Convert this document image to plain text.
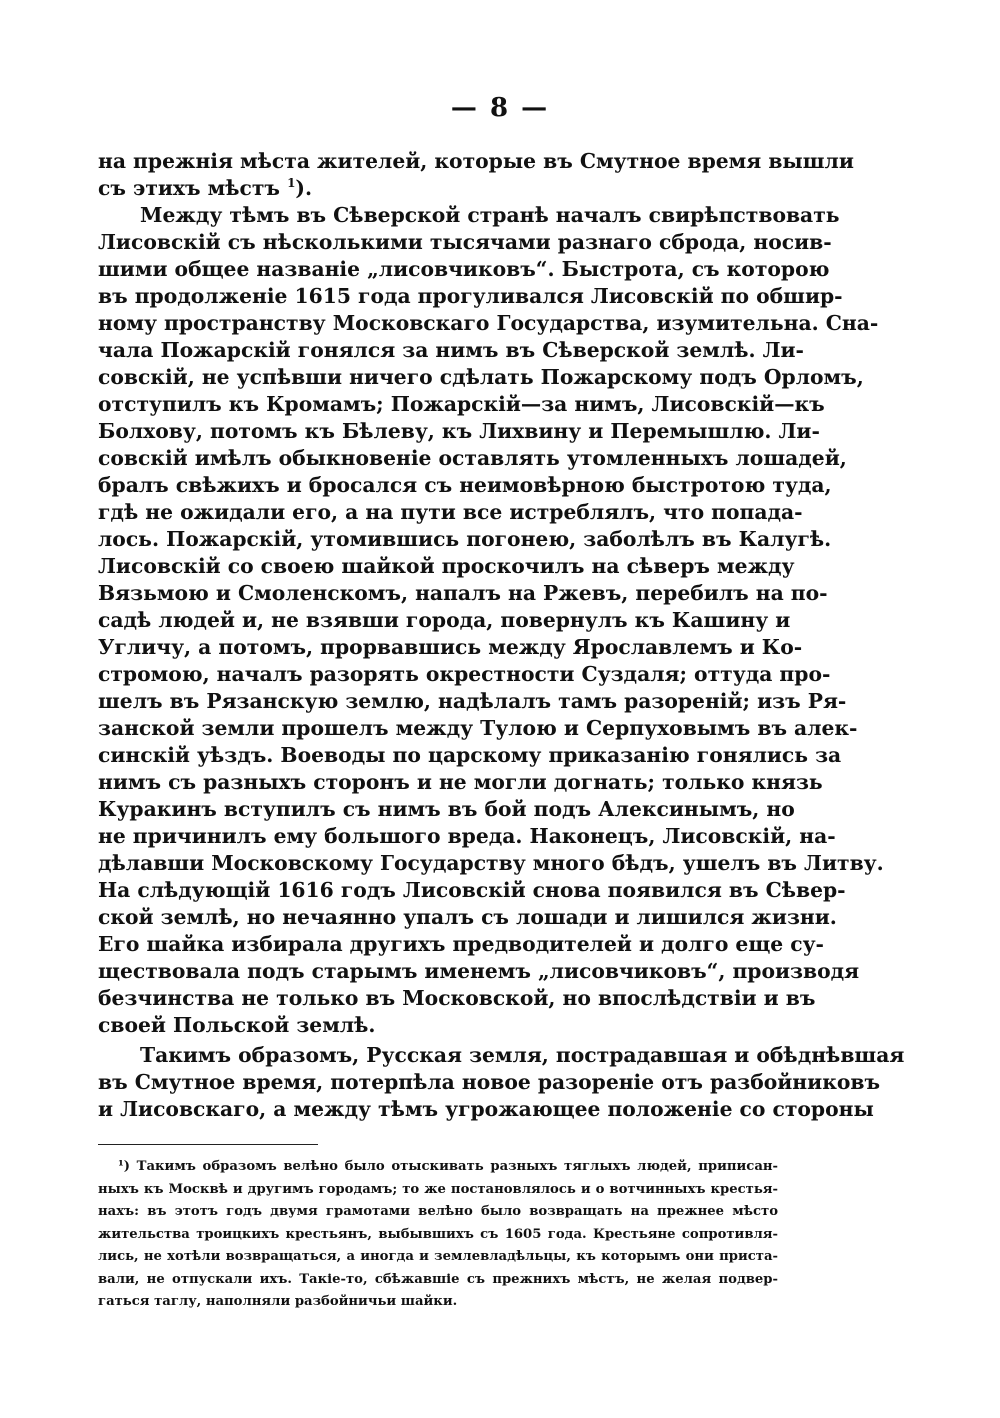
— 8 —
на прежнія мѣста жителей, которые въ Смутное время вышли
съ этихъ мѣстъ $^1$).
Между тѣмъ въ Сѣверской странѣ началъ свирѣпствовать
Лисовскій съ нѣсколькими тысячами разнаго сброда, носив-
шими общее названіе „лисовчиковъ“. Быстрота, съ которою
въ продолженіе 1615 года прогуливался Лисовскій по обшир-
ному пространству Московскаго Государства, изумительна. Сна-
чала Пожарскій гонялся за нимъ въ Сѣверской землѣ. Ли-
совскій, не успѣвши ничего сдѣлать Пожарскому подъ Орломъ,
отступилъ къ Кромамъ; Пожарскій—за нимъ, Лисовскій—къ
Болхову, потомъ къ Бѣлеву, къ Лихвину и Перемышлю. Ли-
совскій имѣлъ обыкновеніе оставлять утомленныхъ лошадей,
бралъ свѣжихъ и бросался съ неимовѣрною быстротою туда,
гдѣ не ожидали его, а на пути все истреблялъ, что попада-
лось. Пожарскій, утомившись погонею, заболѣлъ въ Калугѣ.
Лисовскій со своею шайкой проскочилъ на сѣверъ между
Вязьмою и Смоленскомъ, напалъ на Ржевъ, перебилъ на по-
садѣ людей и, не взявши города, повернулъ къ Кашину и
Угличу, а потомъ, прорвавшись между Ярославлемъ и Ко-
стромою, началъ разорять окрестности Суздаля; оттуда про-
шелъ въ Рязанскую землю, надѣлалъ тамъ разореній; изъ Ря-
занской земли прошелъ между Тулою и Серпуховымъ въ алек-
синскій уѣздъ. Воеводы по царскому приказанію гонялись за
нимъ съ разныхъ сторонъ и не могли догнать; только князь
Куракинъ вступилъ съ нимъ въ бой подъ Алексинымъ, но
не причинилъ ему большого вреда. Наконецъ, Лисовскій, на-
дѣлавши Московскому Государству много бѣдъ, ушелъ въ Литву.
На слѣдующій 1616 годъ Лисовскій снова появился въ Сѣвер-
ской землѣ, но нечаянно упалъ съ лошади и лишился жизни.
Его шайка избирала другихъ предводителей и долго еще су-
ществовала подъ старымъ именемъ „лисовчиковъ“, производя
безчинства не только въ Московской, но впослѣдствіи и въ
своей Польской землѣ.
Такимъ образомъ, Русская земля, пострадавшая и обѣднѣвшая
въ Смутное время, потерпѣла новое разореніе отъ разбойниковъ
и Лисовскаго, а между тѣмъ угрожающее положеніе со стороны
¹) Такимъ образомъ велѣно было отыскивать разныхъ тяглыхъ людей, приписан-
ныхъ къ Москвѣ и другимъ городамъ; то же постановлялось и о вотчинныхъ крестья-
нахъ: въ этотъ годъ двумя грамотами велѣно было возвращать на прежнее мѣсто
жительства троицкихъ крестьянъ, выбывшихъ съ 1605 года. Крестьяне сопротивля-
лись, не хотѣли возвращаться, а иногда и землевладѣльцы, къ которымъ они приста-
вали, не отпускали ихъ. Такіе-то, сбѣжавшіе съ прежнихъ мѣстъ, не желая подвер-
гаться таглу, наполняли разбойничьи шайки.
